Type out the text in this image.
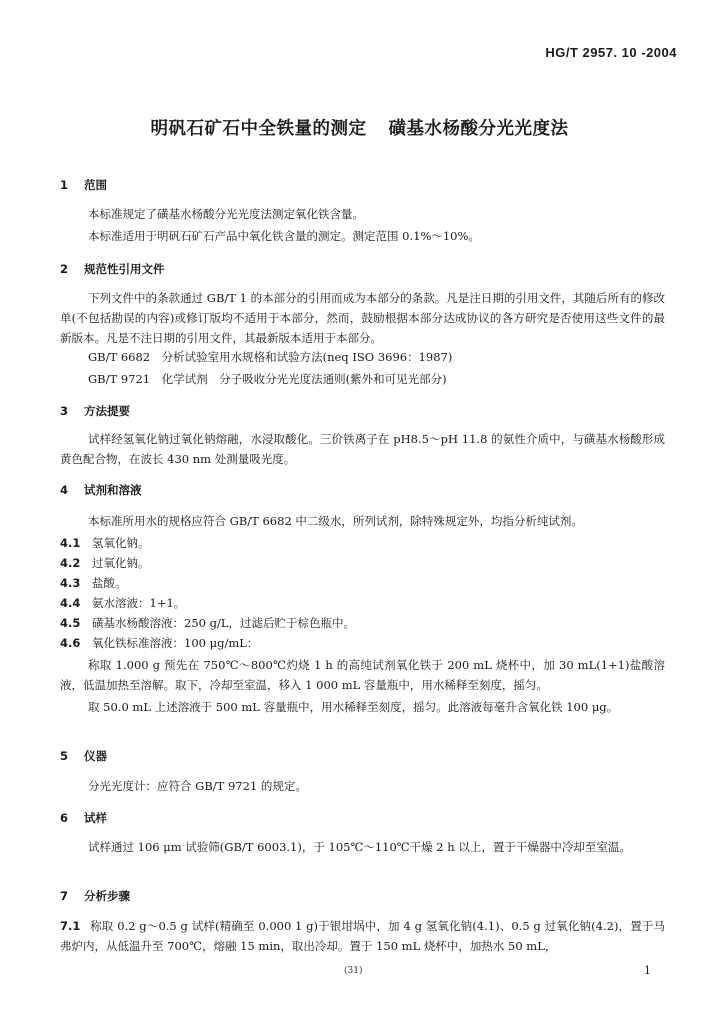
HG/T 2957. 10 -2004
明矾石矿石中全铁量的测定 磺基水杨酸分光光度法
1 范围
本标准规定了磺基水杨酸分光光度法测定氧化铁含量。
本标准适用于明矾石矿石产品中氧化铁含量的测定。测定范围 0.1%～10%。
2 规范性引用文件
下列文件中的条款通过 GB/T 1 的本部分的引用而成为本部分的条款。凡是注日期的引用文件，其随后所有的修改单(不包括勘误的内容)或修订版均不适用于本部分，然而，鼓励根据本部分达成协议的各方研究是否使用这些文件的最新版本。凡是不注日期的引用文件，其最新版本适用于本部分。
GB/T 6682　分析试验室用水规格和试验方法(neq ISO 3696：1987)
GB/T 9721　化学试剂　分子吸收分光光度法通则(紫外和可见光部分)
3 方法提要
试样经氢氧化钠过氧化钠熔融，水浸取酸化。三价铁离子在 pH8.5～pH 11.8 的氨性介质中，与磺基水杨酸形成黄色配合物，在波长 430 nm 处测量吸光度。
4 试剂和溶液
本标准所用水的规格应符合 GB/T 6682 中二级水，所列试剂，除特殊规定外，均指分析纯试剂。
4.1 氢氧化钠。
4.2 过氧化钠。
4.3 盐酸。
4.4 氨水溶液：1+1。
4.5 磺基水杨酸溶液：250 g/L，过滤后贮于棕色瓶中。
4.6 氧化铁标准溶液：100 μg/mL：
称取 1.000 g 预先在 750℃～800℃灼烧 1 h 的高纯试剂氧化铁于 200 mL 烧杯中，加 30 mL(1+1)盐酸溶液，低温加热至溶解。取下，冷却至室温，移入 1 000 mL 容量瓶中，用水稀释至刻度，摇匀。
取 50.0 mL 上述溶液于 500 mL 容量瓶中，用水稀释至刻度，摇匀。此溶液每毫升含氧化铁 100 μg。
5 仪器
分光光度计：应符合 GB/T 9721 的规定。
6 试样
试样通过 106 μm 试验筛(GB/T 6003.1)，于 105℃～110℃干燥 2 h 以上，置于干燥器中冷却至室温。
7 分析步骤
7.1 称取 0.2 g～0.5 g 试样(精确至 0.000 1 g)于银坩埚中，加 4 g 氢氧化钠(4.1)、0.5 g 过氧化钠(4.2)，置于马弗炉内，从低温升至 700℃，熔融 15 min，取出冷却。置于 150 mL 烧杯中，加热水 50 mL，
(31)	1
